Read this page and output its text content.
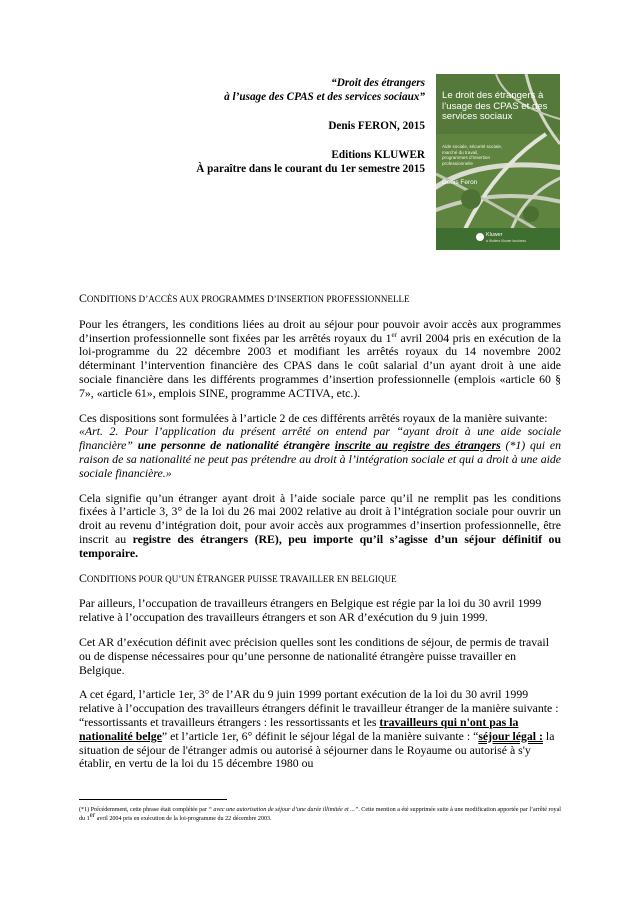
“Droit des étrangers

à l’usage des CPAS et des services sociaux”

Denis FERON, 2015

Editions KLUWER

À paraître dans le courant du 1er semestre 2015

Le droit des étrangers à l’usage des CPAS et des services sociaux
Aide sociale, sécurité sociale, marché du travail, programmes d’insertion professionnelle
Denis Feron
Kluwer
a Wolters Kluwer business

CONDITIONS D’ACCÈS AUX PROGRAMMES D’INSERTION PROFESSIONNELLE

Pour les étrangers, les conditions liées au droit au séjour pour pouvoir avoir accès aux programmes d’insertion professionnelle sont fixées par les arrêtés royaux du 1er avril 2004 pris en exécution de la loi-programme du 22 décembre 2003 et modifiant les arrêtés royaux du 14 novembre 2002 déterminant l’intervention financière des CPAS dans le coût salarial d’un ayant droit à une aide sociale financière dans les différents programmes d’insertion professionnelle (emplois «article 60 § 7», «article 61», emplois SINE, programme ACTIVA, etc.).

Ces dispositions sont formulées à l’article 2 de ces différents arrêtés royaux de la manière suivante:
«Art. 2. Pour l’application du présent arrêté on entend par “ayant droit à une aide sociale financière” une personne de nationalité étrangère inscrite au registre des étrangers (*1) qui en raison de sa nationalité ne peut pas prétendre au droit à l’intégration sociale et qui a droit à une aide sociale financière.»

Cela signifie qu’un étranger ayant droit à l’aide sociale parce qu’il ne remplit pas les conditions fixées à l’article 3, 3° de la loi du 26 mai 2002 relative au droit à l’intégration sociale pour ouvrir un droit au revenu d’intégration doit, pour avoir accès aux programmes d’insertion professionnelle, être inscrit au registre des étrangers (RE), peu importe qu’il s’agisse d’un séjour définitif ou temporaire.

CONDITIONS POUR QU’UN ÉTRANGER PUISSE TRAVAILLER EN BELGIQUE

Par ailleurs, l’occupation de travailleurs étrangers en Belgique est régie par la loi du 30 avril 1999 relative à l’occupation des travailleurs étrangers et son AR d’exécution du 9 juin 1999.

Cet AR d’exécution définit avec précision quelles sont les conditions de séjour, de permis de travail ou de dispense nécessaires pour qu’une personne de nationalité étrangère puisse travailler en Belgique.

A cet égard, l’article 1er, 3° de l’AR du 9 juin 1999 portant exécution de la loi du 30 avril 1999 relative à l’occupation des travailleurs étrangers définit le travailleur étranger de la manière suivante : “ressortissants et travailleurs étrangers : les ressortissants et les travailleurs qui n'ont pas la nationalité belge” et l’article 1er, 6° définit le séjour légal de la manière suivante : “séjour légal : la situation de séjour de l'étranger admis ou autorisé à séjourner dans le Royaume ou autorisé à s'y établir, en vertu de la loi du 15 décembre 1980 ou

(*1) Précédemment, cette phrase était complétée par “ avec une autorisation de séjour d’une durée illimitée et ...”. Cette mention a été supprimée suite à une modification apportée par l’arrêté royal du 1er avril 2004 pris en exécution de la loi-programme du 22 décembre 2003.
